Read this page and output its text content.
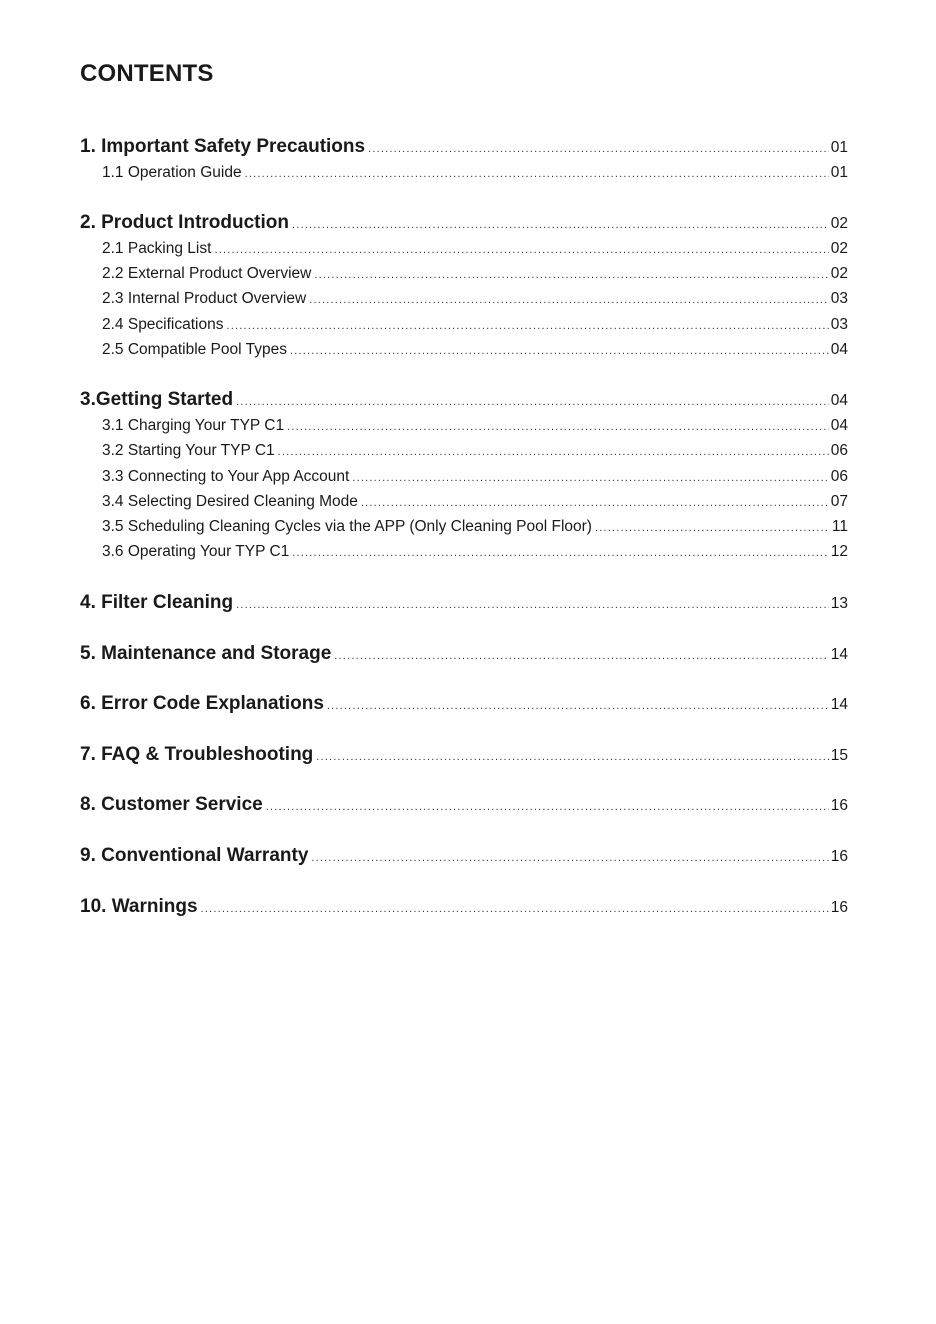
CONTENTS
1. Important Safety Precautions .....	01
1.1 Operation Guide .....	01
2. Product Introduction .....	02
2.1 Packing List .....	02
2.2 External Product Overview .....	02
2.3 Internal Product Overview .....	03
2.4 Specifications .....	03
2.5 Compatible Pool Types .....	04
3.Getting Started .....	04
3.1 Charging Your TYP C1 .....	04
3.2 Starting Your TYP C1 .....	06
3.3 Connecting to Your App Account .....	06
3.4 Selecting Desired Cleaning Mode .....	07
3.5 Scheduling Cleaning Cycles via the APP (Only Cleaning Pool Floor) .....	11
3.6 Operating Your TYP C1 .....	12
4. Filter Cleaning .....	13
5. Maintenance and Storage .....	14
6. Error Code Explanations .....	14
7. FAQ & Troubleshooting .....	15
8. Customer Service .....	16
9. Conventional Warranty .....	16
10. Warnings .....	16
